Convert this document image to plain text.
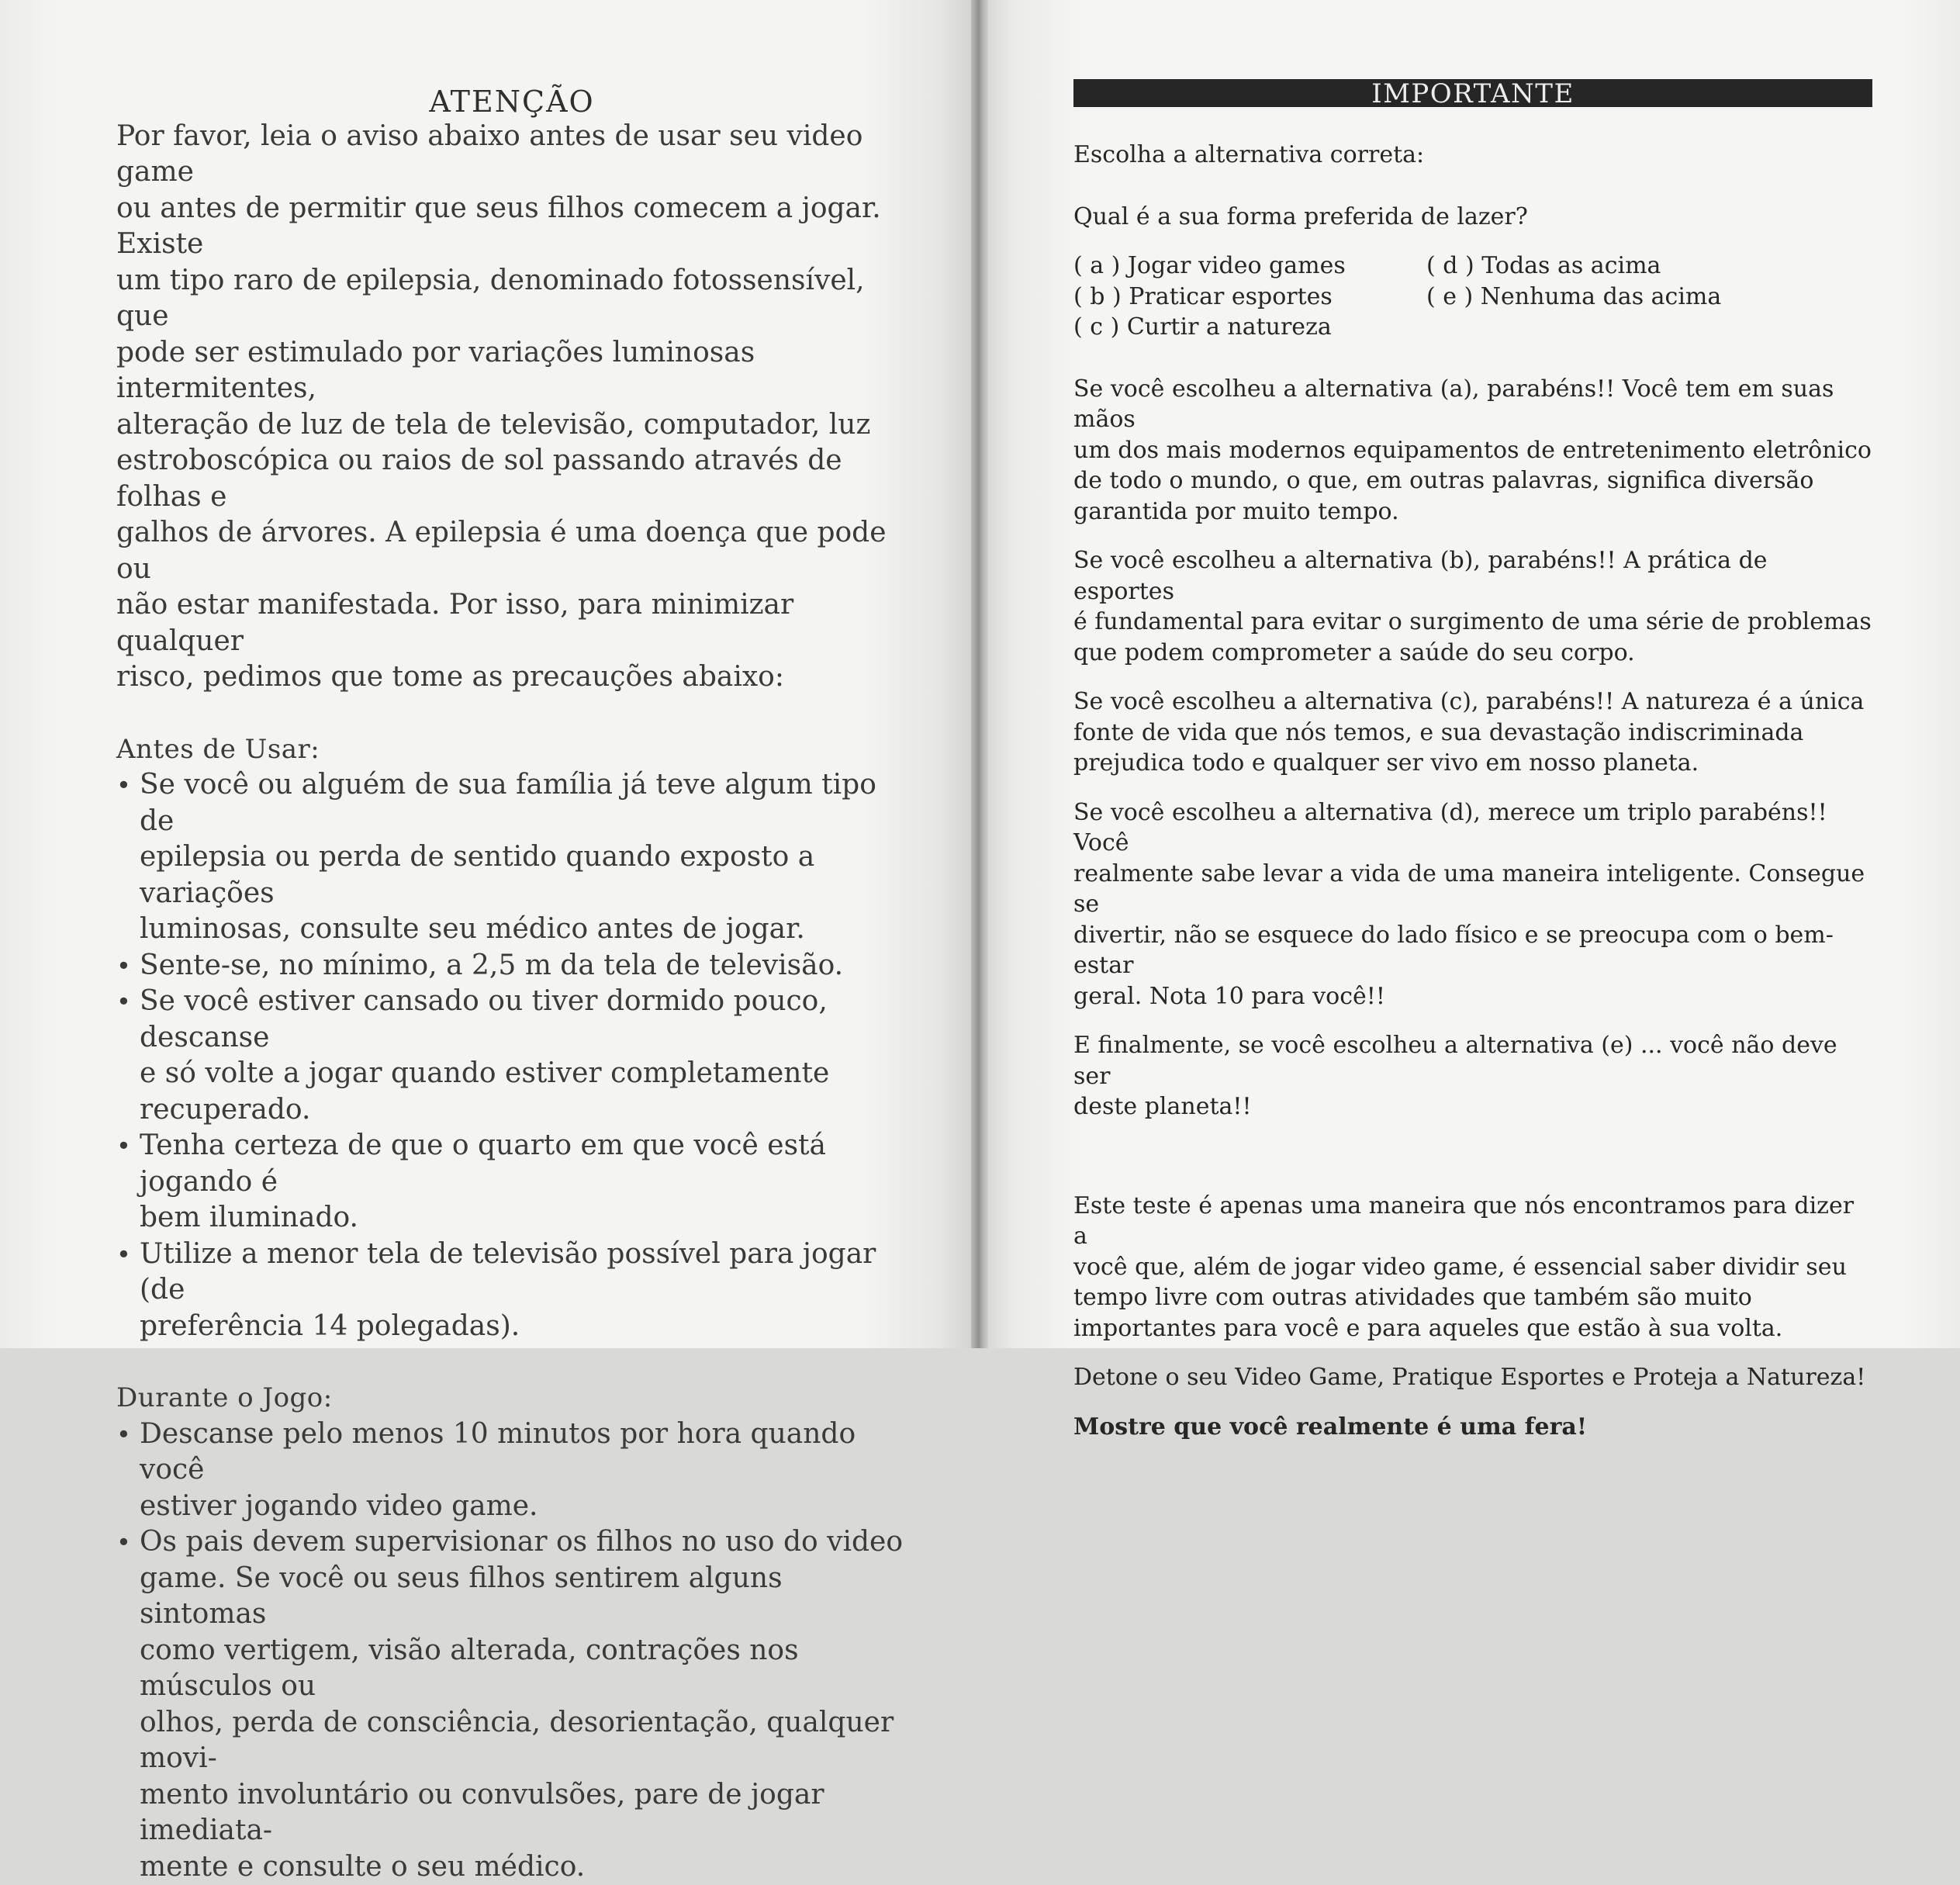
ATENÇÃO

Por favor, leia o aviso abaixo antes de usar seu video game
ou antes de permitir que seus filhos comecem a jogar. Existe
um tipo raro de epilepsia, denominado fotossensível, que
pode ser estimulado por variações luminosas intermitentes,
alteração de luz de tela de televisão, computador, luz
estroboscópica ou raios de sol passando através de folhas e
galhos de árvores. A epilepsia é uma doença que pode ou
não estar manifestada. Por isso, para minimizar qualquer
risco, pedimos que tome as precauções abaixo:

Antes de Usar:
• Se você ou alguém de sua família já teve algum tipo de
epilepsia ou perda de sentido quando exposto a variações
luminosas, consulte seu médico antes de jogar.
• Sente-se, no mínimo, a 2,5 m da tela de televisão.
• Se você estiver cansado ou tiver dormido pouco, descanse
e só volte a jogar quando estiver completamente recuperado.
• Tenha certeza de que o quarto em que você está jogando é
bem iluminado.
• Utilize a menor tela de televisão possível para jogar (de
preferência 14 polegadas).
Durante o Jogo:
• Descanse pelo menos 10 minutos por hora quando você
estiver jogando video game.
• Os pais devem supervisionar os filhos no uso do video
game. Se você ou seus filhos sentirem alguns sintomas
como vertigem, visão alterada, contrações nos músculos ou
olhos, perda de consciência, desorientação, qualquer movi-
mento involuntário ou convulsões, pare de jogar imediata-
mente e consulte o seu médico.
IMPORTANTE

Escolha a alternativa correta:

Qual é a sua forma preferida de lazer?

( a ) Jogar video games

( b ) Praticar esportes

( c ) Curtir a natureza

( d ) Todas as acima

( e ) Nenhuma das acima

Se você escolheu a alternativa (a), parabéns!! Você tem em suas mãos
um dos mais modernos equipamentos de entretenimento eletrônico
de todo o mundo, o que, em outras palavras, significa diversão
garantida por muito tempo.

Se você escolheu a alternativa (b), parabéns!! A prática de esportes
é fundamental para evitar o surgimento de uma série de problemas
que podem comprometer a saúde do seu corpo.

Se você escolheu a alternativa (c), parabéns!! A natureza é a única
fonte de vida que nós temos, e sua devastação indiscriminada
prejudica todo e qualquer ser vivo em nosso planeta.

Se você escolheu a alternativa (d), merece um triplo parabéns!! Você
realmente sabe levar a vida de uma maneira inteligente. Consegue se
divertir, não se esquece do lado físico e se preocupa com o bem-estar
geral. Nota 10 para você!!

E finalmente, se você escolheu a alternativa (e) ... você não deve ser
deste planeta!!

Este teste é apenas uma maneira que nós encontramos para dizer a
você que, além de jogar video game, é essencial saber dividir seu
tempo livre com outras atividades que também são muito
importantes para você e para aqueles que estão à sua volta.

Detone o seu Video Game, Pratique Esportes e Proteja a Natureza!

Mostre que você realmente é uma fera!
